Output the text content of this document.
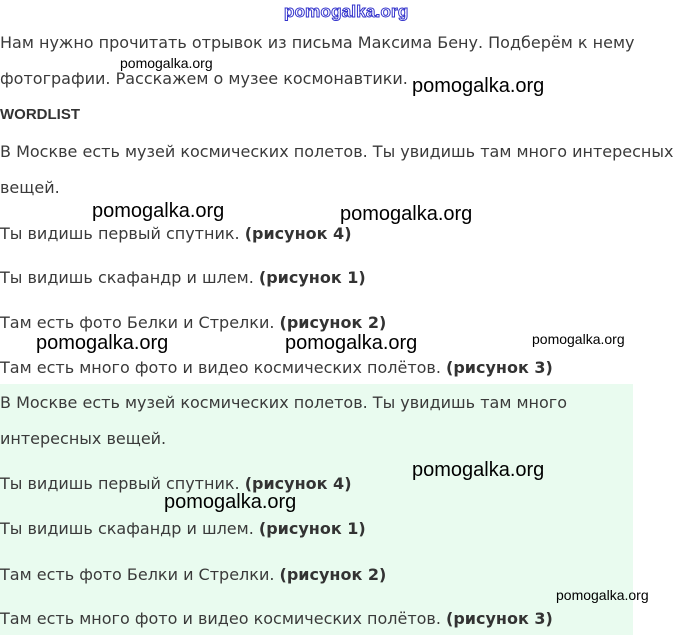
pomogalka.org
Нам нужно прочитать отрывок из письма Максима Бену. Подберём к нему
фотографии. Расскажем о музее космонавтики.
WORDLIST
В Москве есть музей космических полетов. Ты увидишь там много интересных
вещей.
Ты видишь первый спутник. (рисунок 4)
Ты видишь скафандр и шлем. (рисунок 1)
Там есть фото Белки и Стрелки. (рисунок 2)
Там есть много фото и видео космических полётов. (рисунок 3)
В Москве есть музей космических полетов. Ты увидишь там много
интересных вещей.
Ты видишь первый спутник. (рисунок 4)
Ты видишь скафандр и шлем. (рисунок 1)
Там есть фото Белки и Стрелки. (рисунок 2)
Там есть много фото и видео космических полётов. (рисунок 3)
pomogalka.org
pomogalka.org
pomogalka.org	pomogalka.org
pomogalka.org	pomogalka.org	pomogalka.org
pomogalka.org
pomogalka.org
pomogalka.org
